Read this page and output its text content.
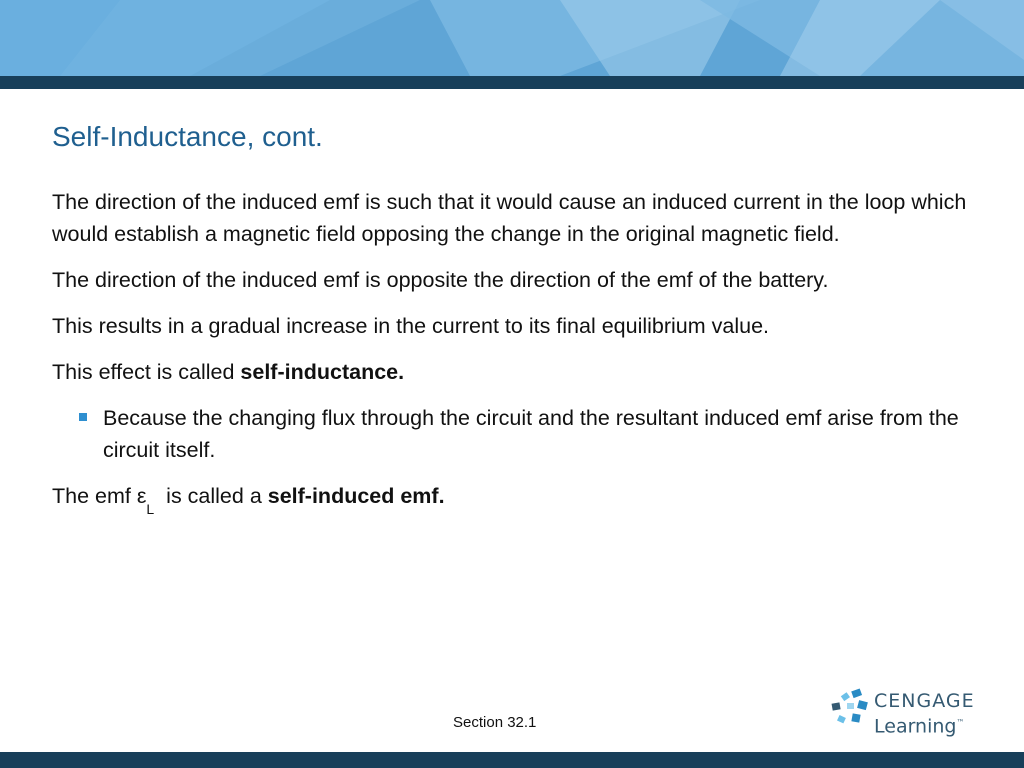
Self-Inductance, cont.

The direction of the induced emf is such that it would cause an induced current in the loop which would establish a magnetic field opposing the change in the original magnetic field.

The direction of the induced emf is opposite the direction of the emf of the battery.

This results in a gradual increase in the current to its final equilibrium value.

This effect is called self-inductance.

Because the changing flux through the circuit and the resultant induced emf arise from the circuit itself.

The emf $\varepsilon_L$  is called a self-induced emf.

Section 32.1
CENGAGE
Learning™
